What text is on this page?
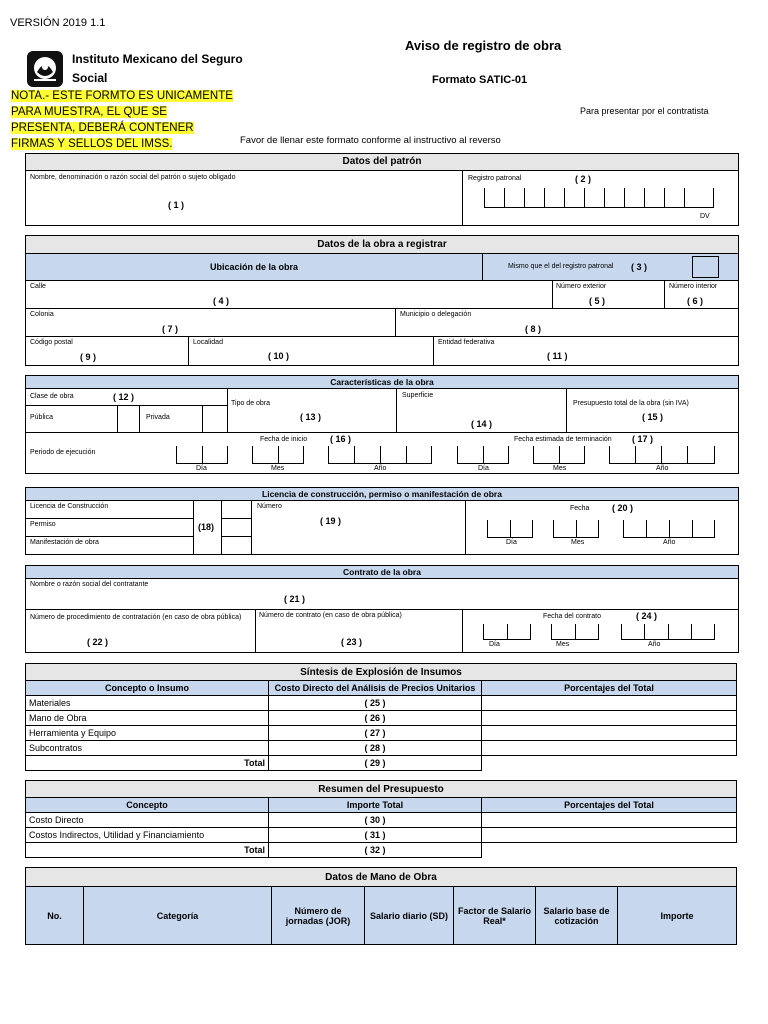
VERSIÓN 2019 1.1
Instituto Mexicano del Seguro Social
Aviso de registro de obra
Formato SATIC-01
NOTA.- ESTE FORMTO ES UNICAMENTE PARA MUESTRA, EL QUE SE PRESENTA, DEBERÁ CONTENER FIRMAS Y SELLOS DEL IMSS.
Para presentar por el contratista
Favor de llenar este formato conforme al instructivo al reverso
Datos del patrón
Nombre, denominación o razón social del patrón o sujeto obligado
( 1 )
Registro patronal	( 2 )
DV
Datos de la obra a registrar
Ubicación de la obra	Mismo que el del registro patronal ( 3 )
Calle
( 4 )
Número exterior
( 5 )
Número interior
( 6 )
Colonia
( 7 )
Municipio o delegación
( 8 )
Código postal
( 9 )
Localidad
( 10 )
Entidad federativa
( 11 )
Características de la obra
Clase de obra	( 12 )
Pública	Privada
Tipo de obra
( 13 )
Superficie
( 14 )
Presupuesto total de la obra (sin IVA)
( 15 )
Periodo de ejecución
Fecha de inicio	( 16 )	Fecha estimada de terminación ( 17 )
Día	Mes	Año	Día	Mes	Año
Licencia de construcción, permiso o manifestación de obra
Licencia de Construcción
Permiso
Manifestación de obra
(18)
Número
( 19 )
Fecha	( 20 )
Día	Mes	Año
Contrato de la obra
Nombre o razón social del contratante
( 21 )
Número de procedimiento de contratación (en caso de obra pública)
( 22 )
Número de contrato (en caso de obra pública)
( 23 )
Fecha del contrato	( 24 )
Día	Mes	Año
Síntesis de Explosión de Insumos		
Concepto o Insumo	Costo Directo del Análisis de Precios Unitarios	Porcentajes del Total
Materiales	( 25 )	
Mano de Obra	( 26 )	
Herramienta y Equipo	( 27 )	
Subcontratos	( 28 )	
Total	( 29 )	
Resumen del Presupuesto		
Concepto	Importe Total	Porcentajes del Total
Costo Directo	( 30 )	
Costos Indirectos, Utilidad y Financiamiento	( 31 )	
Total	( 32 )	
Datos de Mano de Obra
No.	Categoría	Número de jornadas (JOR)	Salario diario (SD)	Factor de Salario Real*	Salario base de cotización	Importe
